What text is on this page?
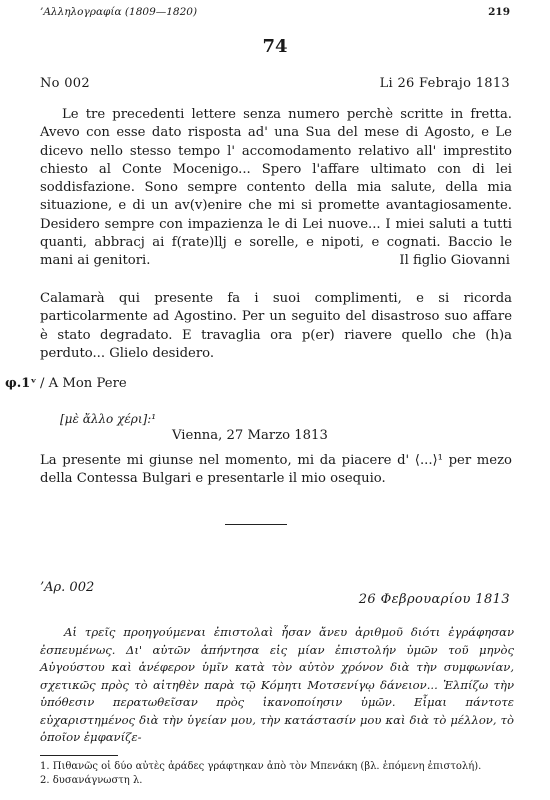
’Αλληλογραφία (1809—1820)	219
74
No 002	Li 26 Febrajo 1813

Le tre precedenti lettere senza numero perchè scritte in fretta. Avevo con esse dato risposta ad' una Sua del mese di Agosto, e Le dicevo nello stesso tempo l' accomodamento relativo all' imprestito chiesto al Conte Mocenigo... Spero l'affare ultimato con di lei soddisfazione. Sono sempre contento della mia salute, della mia situazione, e di un av(v)enire che mi si promette avantagiosamente. Desidero sempre con impazienza le di Lei nuove... I miei saluti a tutti quanti, abbracj ai f(rate)llj e sorelle, e nipoti, e cognati. Baccio le mani ai genitori.	Il figlio Giovanni

Calamarà qui presente fa i suoi complimenti, e si ricorda particolarmente ad Agostino. Per un seguito del disastroso suo affare è stato degradato. E travaglia ora p(er) riavere quello che (h)a perduto... Glielo desidero.

φ.1ᵛ / A Mon Pere
[μὲ ἄλλο χέρι]:¹
Vienna, 27 Marzo 1813

La presente mi giunse nel momento, mi da piacere d' ⟨...⟩¹ per mezo della Contessa Bulgari e presentarle il mio osequio.

’Αρ. 002
26 Φεβρουαρίου 1813

Αἱ τρεῖς προηγούμεναι ἐπιστολαὶ ἦσαν ἄνευ ἀριθμοῦ διότι ἐγράφησαν ἐσπευμένως. Δι' αὐτῶν ἀπήντησα εἰς μίαν ἐπιστολήν ὑμῶν τοῦ μηνὸς Αὐγούστου καὶ ἀνέφερον ὑμῖν κατὰ τὸν αὐτὸν χρόνον διὰ τὴν συμφωνίαν, σχετικῶς πρὸς τὸ αἰτηθὲν παρὰ τῷ Κόμητι Μοτσενίγῳ δάνειον... Ἐλπίζω τὴν ὑπόθεσιν περατωθεῖσαν πρὸς ἱκανοποίησιν ὑμῶν. Εἶμαι πάντοτε εὐχαριστημένος διὰ τὴν ὑγείαν μου, τὴν κατάστασίν μου καὶ διὰ τὸ μέλλον, τὸ ὁποῖον ἐμφανίζε-

1. Πιθανῶς οἱ δύο αὐτὲς ἀράδες γράφτηκαν ἀπὸ τὸν Μπενάκη (βλ. ἑπόμενη ἐπιστολή).
2. δυσανάγνωστη λ.
